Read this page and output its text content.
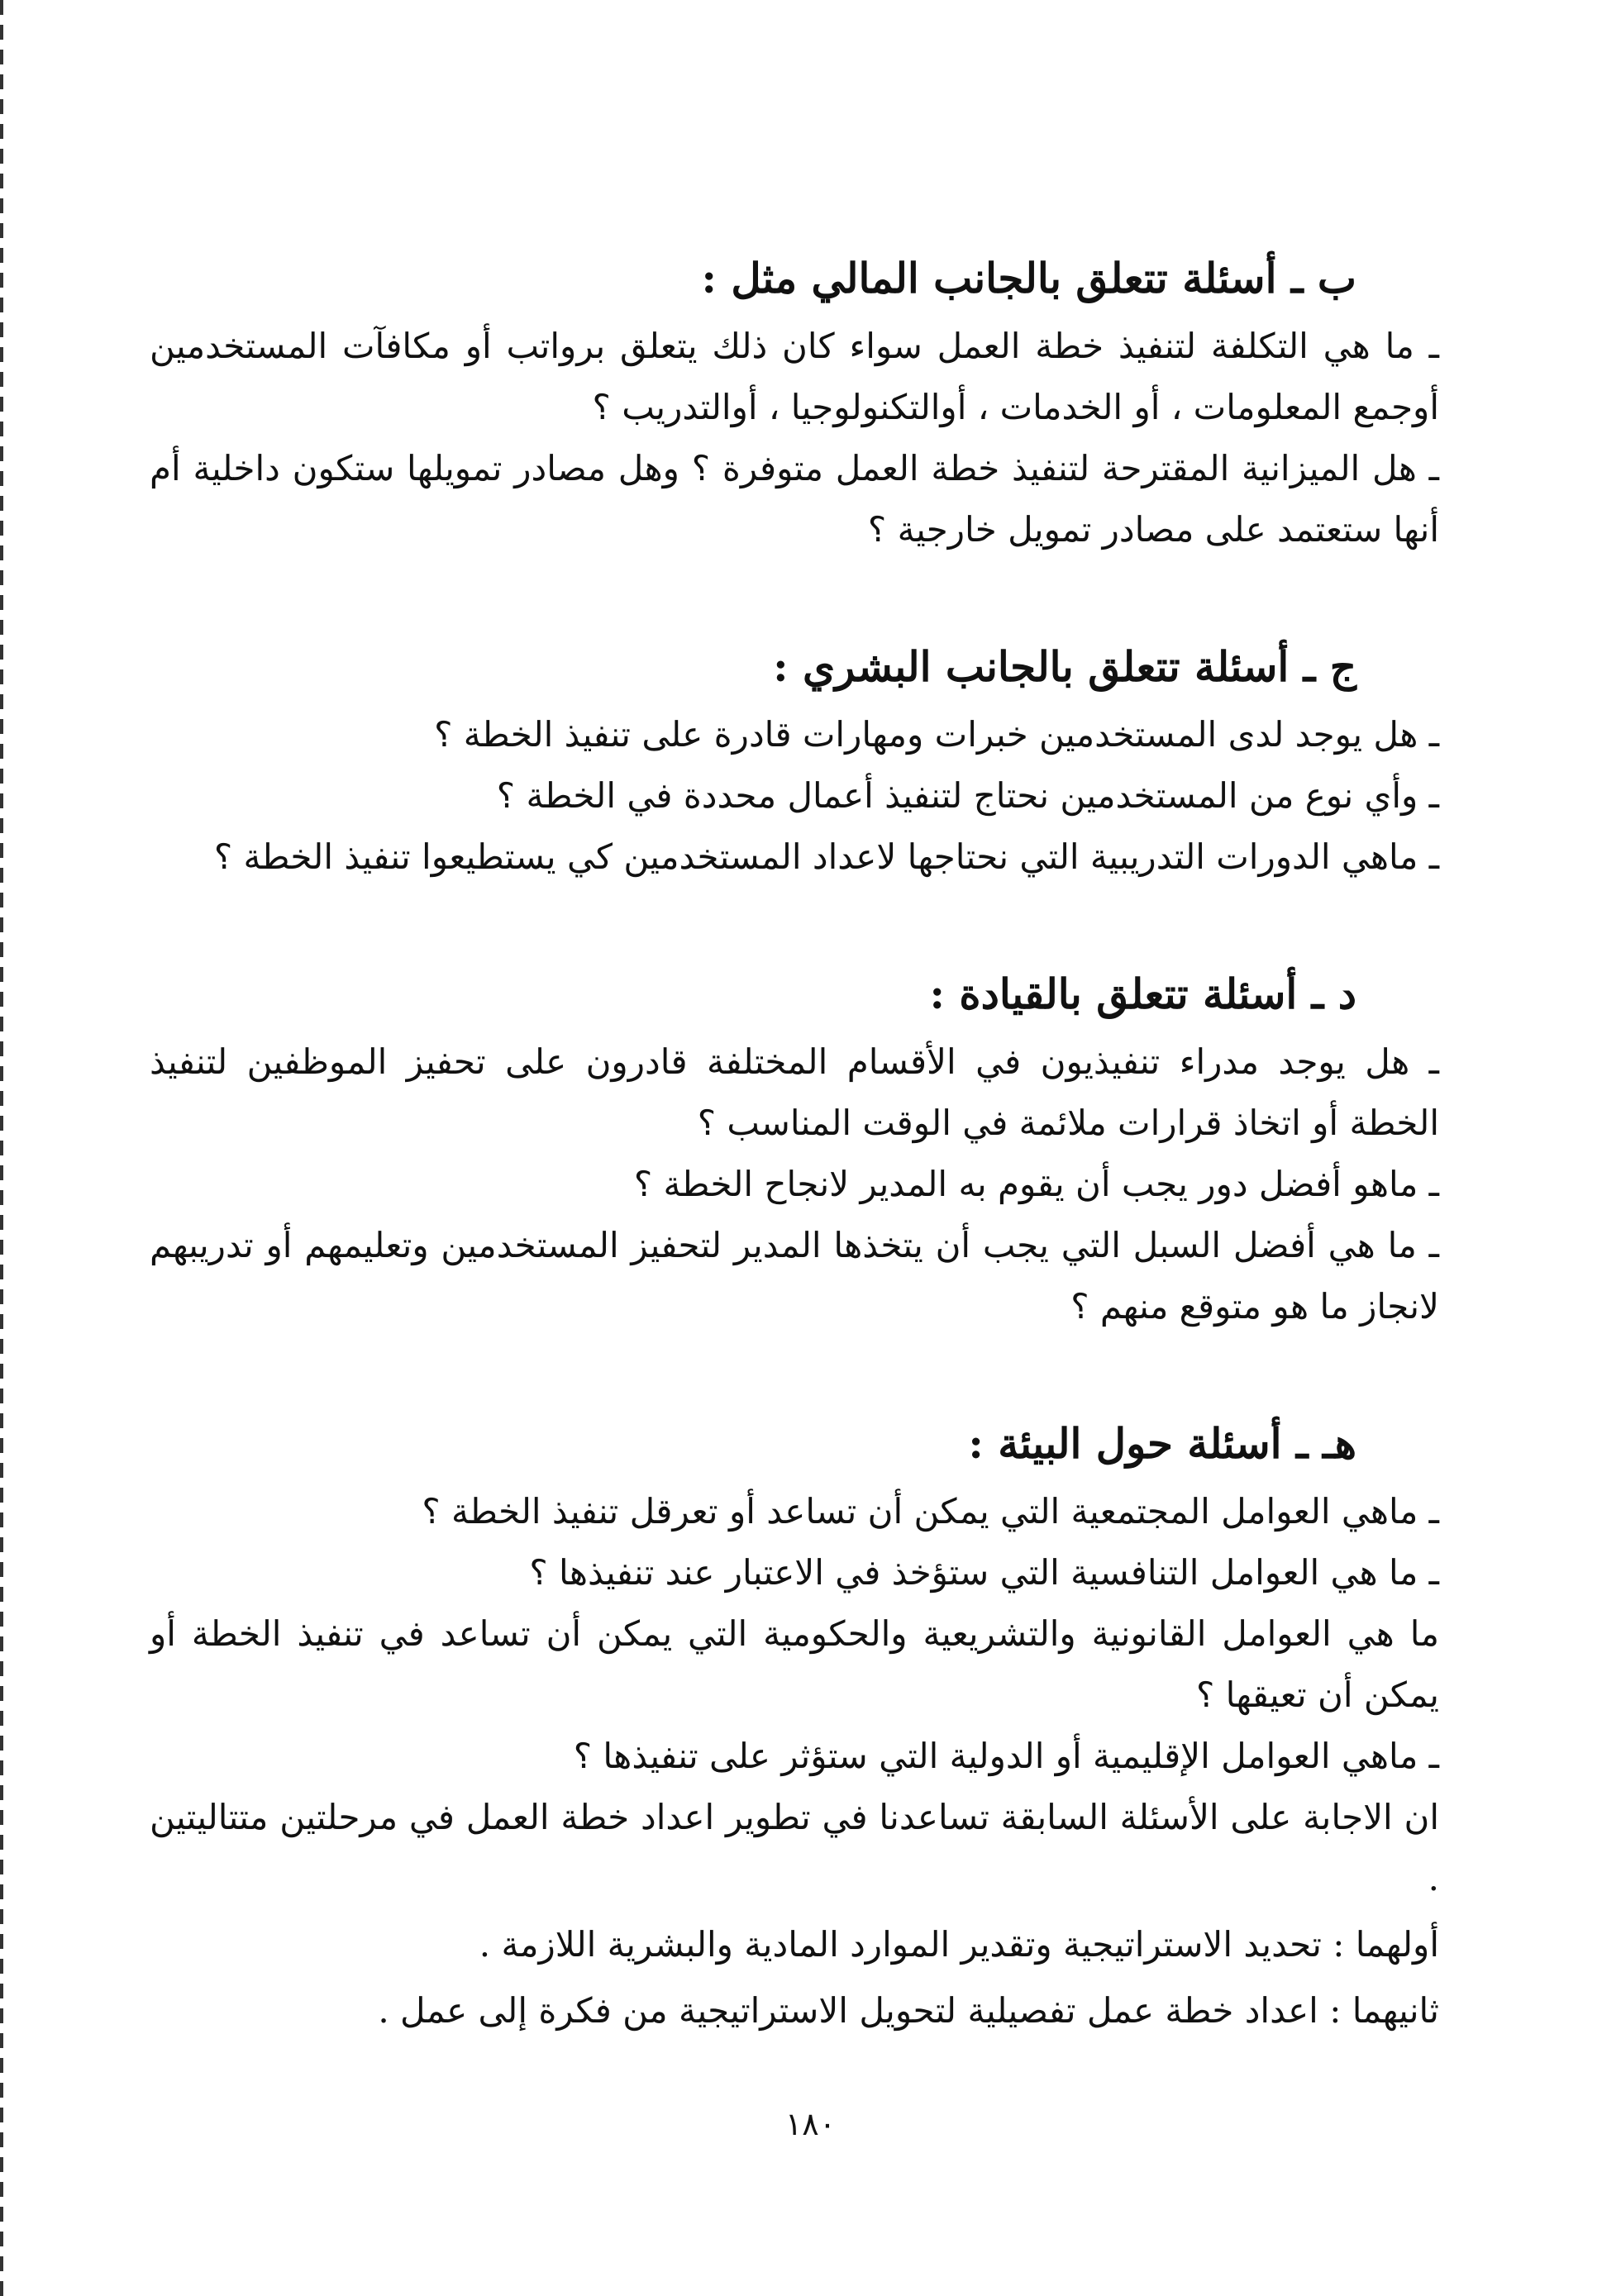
ب ـ أسئلة تتعلق بالجانب المالي مثل :

ـ ما هي التكلفة لتنفيذ خطة العمل سواء كان ذلك يتعلق برواتب أو مكافآت المستخدمين أوجمع المعلومات ، أو الخدمات ، أوالتكنولوجيا ، أوالتدريب ؟

ـ هل الميزانية المقترحة لتنفيذ خطة العمل متوفرة ؟ وهل مصادر تمويلها ستكون داخلية أم أنها ستعتمد على مصادر تمويل خارجية ؟

ج ـ أسئلة تتعلق بالجانب البشري :

ـ هل يوجد لدى المستخدمين خبرات ومهارات قادرة على تنفيذ الخطة ؟

ـ وأي نوع من المستخدمين نحتاج لتنفيذ أعمال محددة في الخطة ؟

ـ ماهي الدورات التدريبية التي نحتاجها لاعداد المستخدمين كي يستطيعوا تنفيذ الخطة ؟

د ـ أسئلة تتعلق بالقيادة :

ـ هل يوجد مدراء تنفيذيون في الأقسام المختلفة قادرون على تحفيز الموظفين لتنفيذ الخطة أو اتخاذ قرارات ملائمة في الوقت المناسب ؟

ـ ماهو أفضل دور يجب أن يقوم به المدير لانجاح الخطة ؟

ـ ما هي أفضل السبل التي يجب أن يتخذها المدير لتحفيز المستخدمين وتعليمهم أو تدريبهم لانجاز ما هو متوقع منهم ؟

هـ ـ أسئلة حول البيئة :

ـ ماهي العوامل المجتمعية التي يمكن أن تساعد أو تعرقل تنفيذ الخطة ؟

ـ ما هي العوامل التنافسية التي ستؤخذ في الاعتبار عند تنفيذها ؟

ما هي العوامل القانونية والتشريعية والحكومية التي يمكن أن تساعد في تنفيذ الخطة أو يمكن أن تعيقها ؟

ـ ماهي العوامل الإقليمية أو الدولية التي ستؤثر على تنفيذها ؟

ان الاجابة على الأسئلة السابقة تساعدنا في تطوير اعداد خطة العمل في مرحلتين متتاليتين .

أولهما : تحديد الاستراتيجية وتقدير الموارد المادية والبشرية اللازمة .

ثانيهما : اعداد خطة عمل تفصيلية لتحويل الاستراتيجية من فكرة إلى عمل .

١٨٠
